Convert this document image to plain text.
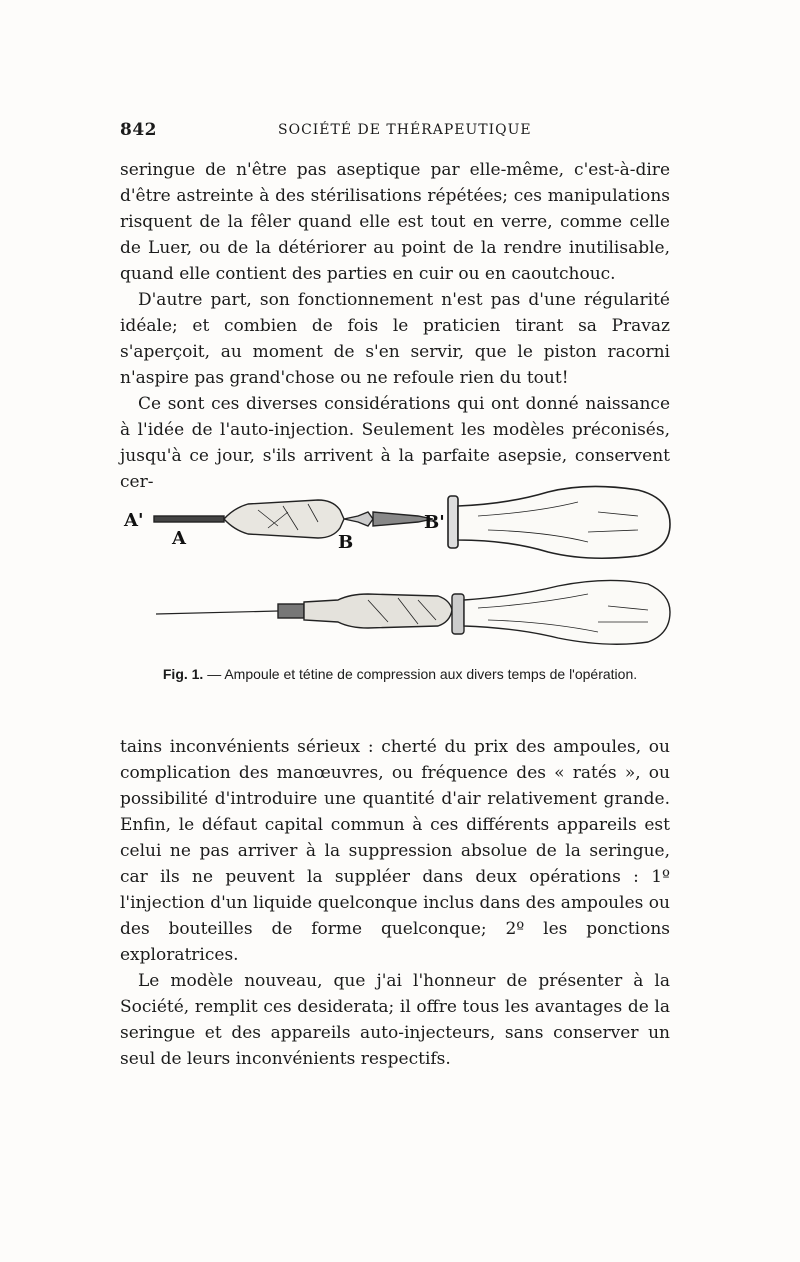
842	SOCIÉTÉ DE THÉRAPEUTIQUE

seringue de n'être pas aseptique par elle-même, c'est-à-dire d'être astreinte à des stérilisations répétées; ces manipulations risquent de la fêler quand elle est tout en verre, comme celle de Luer, ou de la détériorer au point de la rendre inutilisable, quand elle contient des parties en cuir ou en caoutchouc.

D'autre part, son fonctionnement n'est pas d'une régularité idéale; et combien de fois le praticien tirant sa Pravaz s'aperçoit, au moment de s'en servir, que le piston racorni n'aspire pas grand'chose ou ne refoule rien du tout!

Ce sont ces diverses considérations qui ont donné naissance à l'idée de l'auto-injection. Seulement les modèles préconisés, jusqu'à ce jour, s'ils arrivent à la parfaite asepsie, conservent cer-

A'
A	B
B'
Fig. 1. — Ampoule et tétine de compression aux divers temps de l'opération.

tains inconvénients sérieux : cherté du prix des ampoules, ou complication des manœuvres, ou fréquence des « ratés », ou possibilité d'introduire une quantité d'air relativement grande. Enfin, le défaut capital commun à ces différents appareils est celui ne pas arriver à la suppression absolue de la seringue, car ils ne peuvent la suppléer dans deux opérations : 1º l'injection d'un liquide quelconque inclus dans des ampoules ou des bouteilles de forme quelconque; 2º les ponctions exploratrices.

Le modèle nouveau, que j'ai l'honneur de présenter à la Société, remplit ces desiderata; il offre tous les avantages de la seringue et des appareils auto-injecteurs, sans conserver un seul de leurs inconvénients respectifs.
